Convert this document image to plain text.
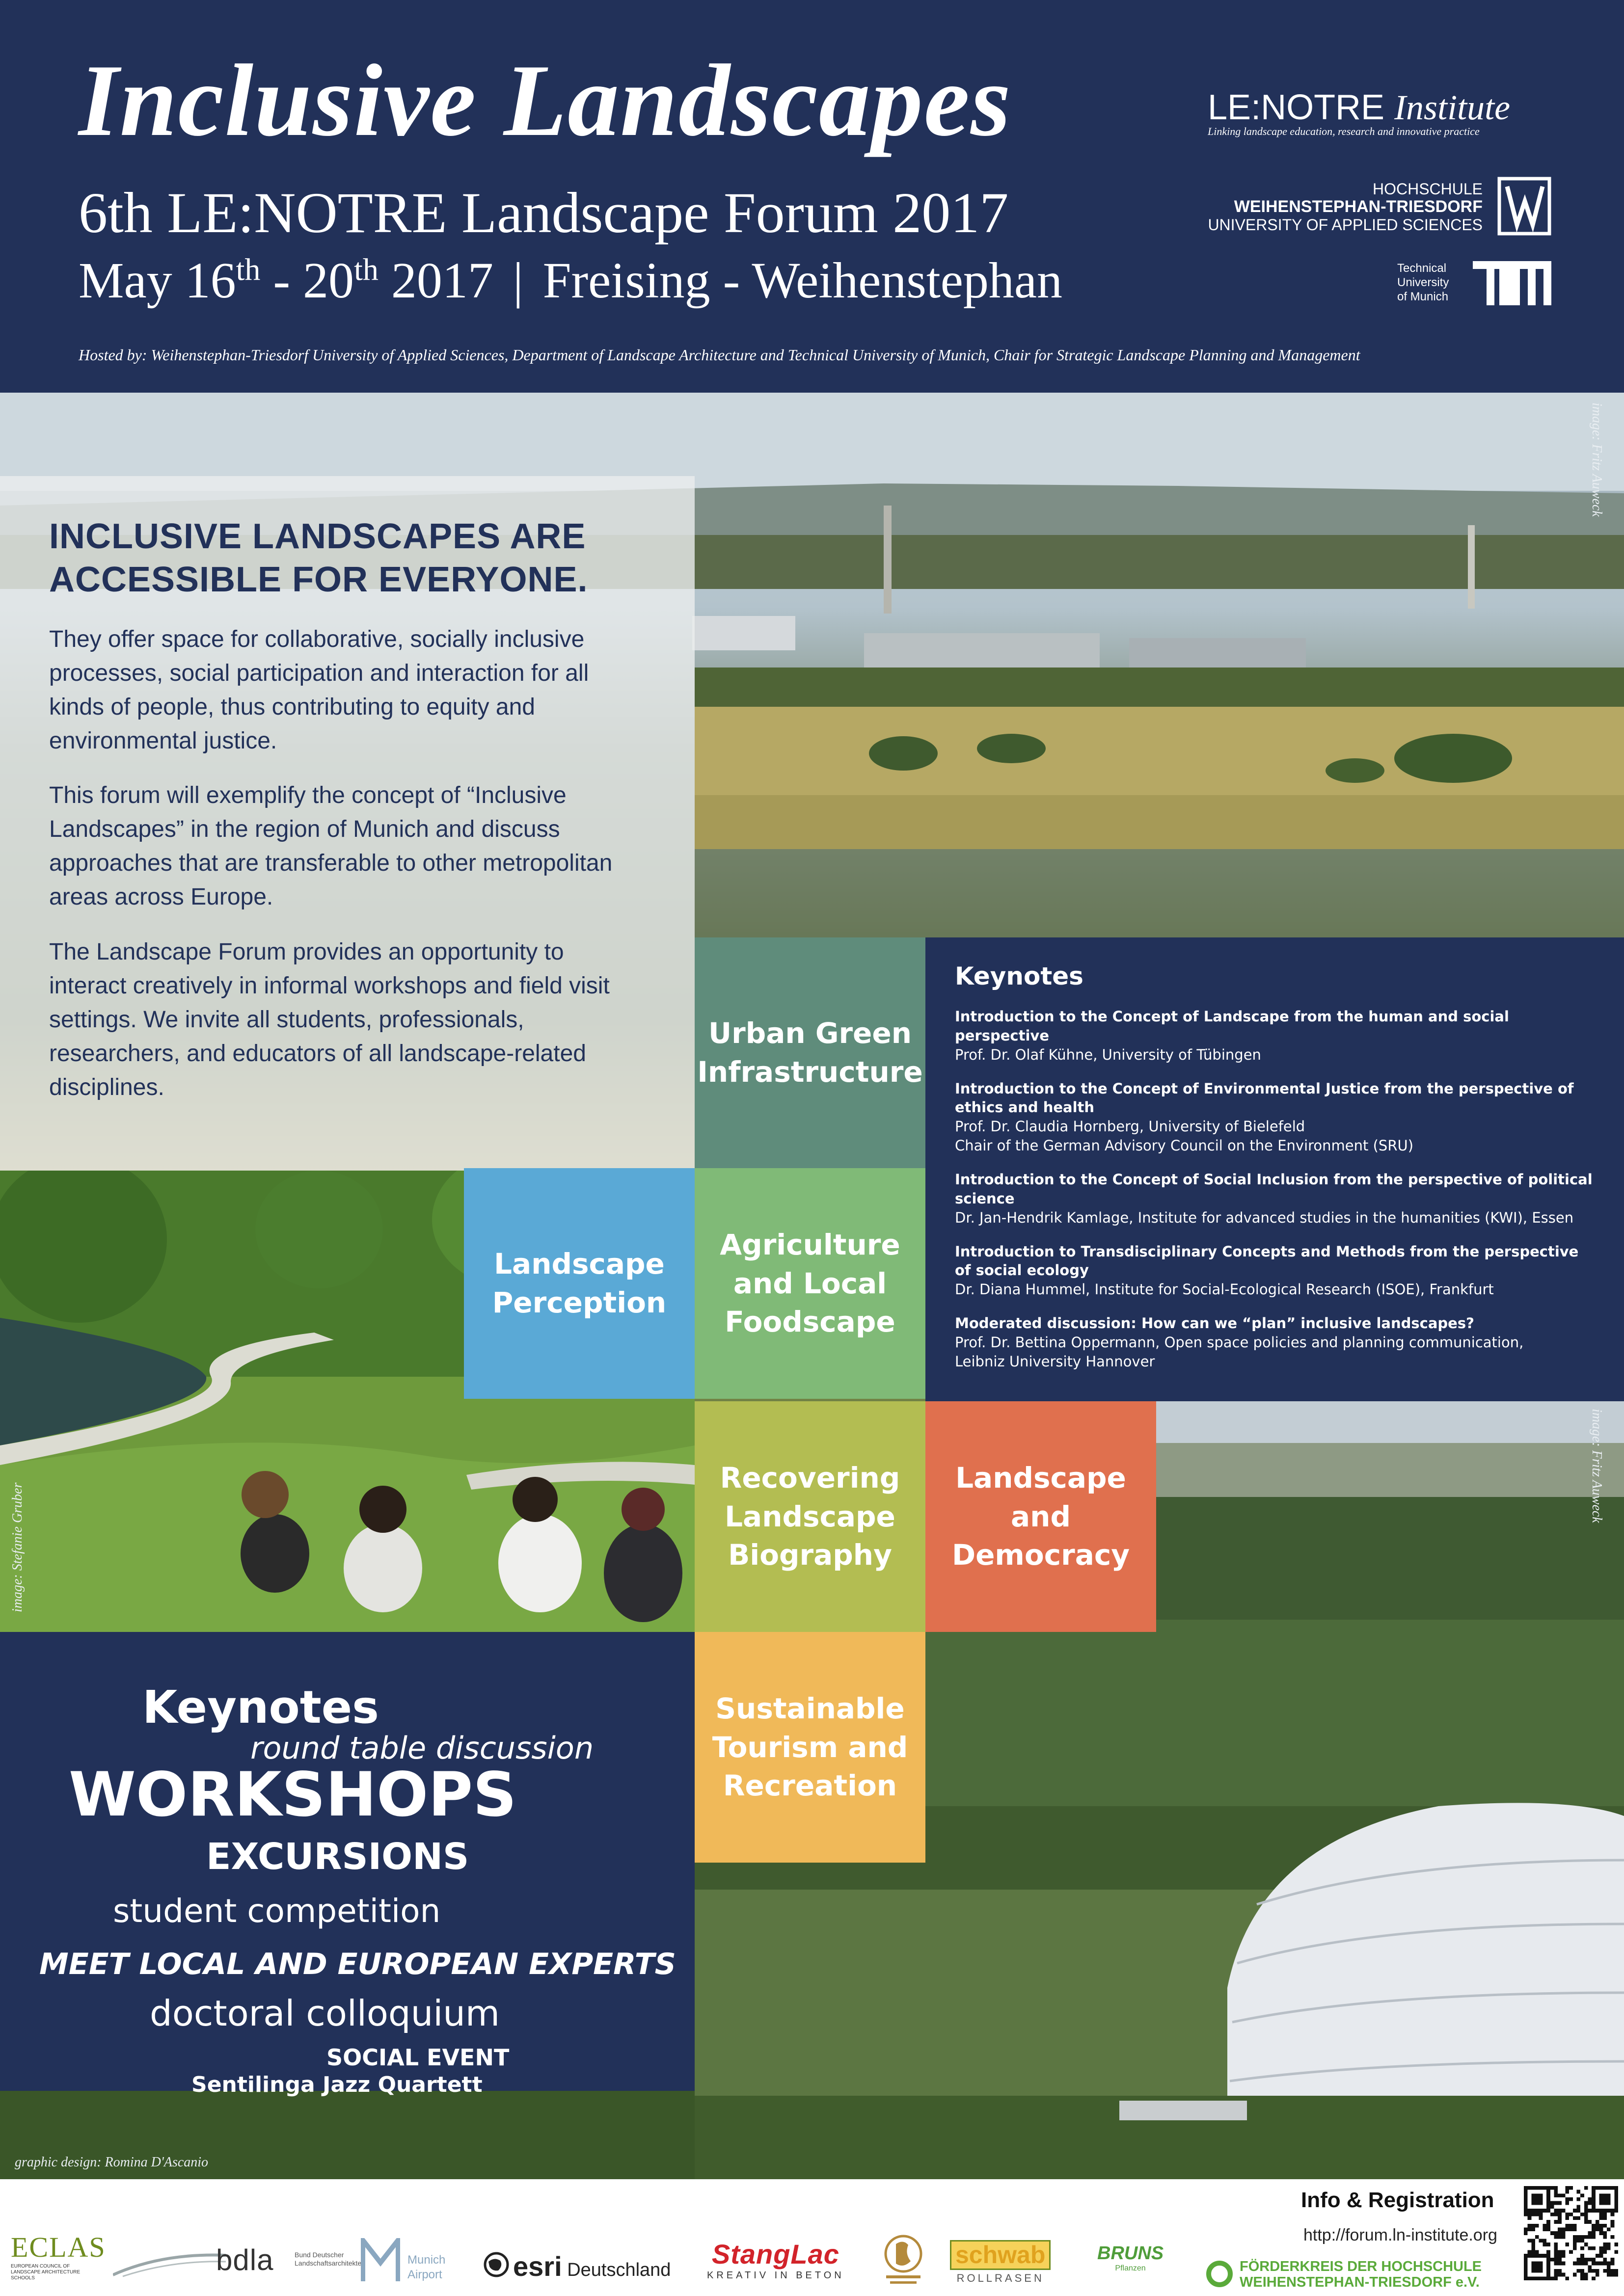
Inclusive Landscapes
6th LE:NOTRE Landscape Forum 2017
May 16th - 20th 2017 | Freising - Weihenstephan
Hosted by: Weihenstephan-Triesdorf University of Applied Sciences, Department of Landscape Architecture and Technical University of Munich, Chair for Strategic Landscape Planning and Management
LE:NOTRE Institute
Linking landscape education, research and innovative practice
HOCHSCHULE
WEIHENSTEPHAN-TRIESDORF
UNIVERSITY OF APPLIED SCIENCES
Technical
University
of Munich
image: Fritz Auweck
image: Fritz Auweck
INCLUSIVE LANDSCAPES ARE
ACCESSIBLE FOR EVERYONE.

They offer space for collaborative, socially inclusive processes, social participation and interaction for all kinds of people, thus contributing to equity and environmental justice.

This forum will exemplify the concept of “Inclusive Landscapes” in the region of Munich and discuss approaches that are transferable to other metropolitan areas across Europe.

The Landscape Forum provides an opportunity to interact creatively in informal workshops and field visit settings. We invite all students, professionals, researchers, and educators of all landscape-related disciplines.

image: Stefanie Gruber
Keynotes
Introduction to the Concept of Landscape from the human and social perspective
Prof. Dr. Olaf Kühne, University of Tübingen
Introduction to the Concept of Environmental Justice from the perspective of ethics and health
Prof. Dr. Claudia Hornberg, University of Bielefeld
Chair of the German Advisory Council on the Environment (SRU)
Introduction to the Concept of Social Inclusion from the perspective of political science
Dr. Jan-Hendrik Kamlage, Institute for advanced studies in the humanities (KWI), Essen
Introduction to Transdisciplinary Concepts and Methods from the perspective of social ecology
Dr. Diana Hummel, Institute for Social-Ecological Research (ISOE), Frankfurt
Moderated discussion: How can we “plan” inclusive landscapes?
Prof. Dr. Bettina Oppermann, Open space policies and planning communication,
Leibniz University Hannover
Urban Green Infrastructure
Landscape Perception
Agriculture and Local Foodscape
Recovering Landscape Biography
Landscape and Democracy
Sustainable Tourism and Recreation
Keynotes
round table discussion
WORKSHOPS
EXCURSIONS
student competition
MEET LOCAL AND EUROPEAN EXPERTS
doctoral colloquium
SOCIAL EVENT
Sentilinga Jazz Quartett
graphic design: Romina D'Ascanio
ECLAS
EUROPEAN COUNCIL OF LANDSCAPE ARCHITECTURE SCHOOLS
bdla	Bund Deutscher
Landschaftsarchitekten	Munich
Airport	esri Deutschland
StangLac
KREATIV IN BETON
schwab
ROLLRASEN
BRUNS
Pflanzen
Info & Registration
http://forum.ln-institute.org
FÖRDERKREIS DER HOCHSCHULE
WEIHENSTEPHAN-TRIESDORF e.V.
